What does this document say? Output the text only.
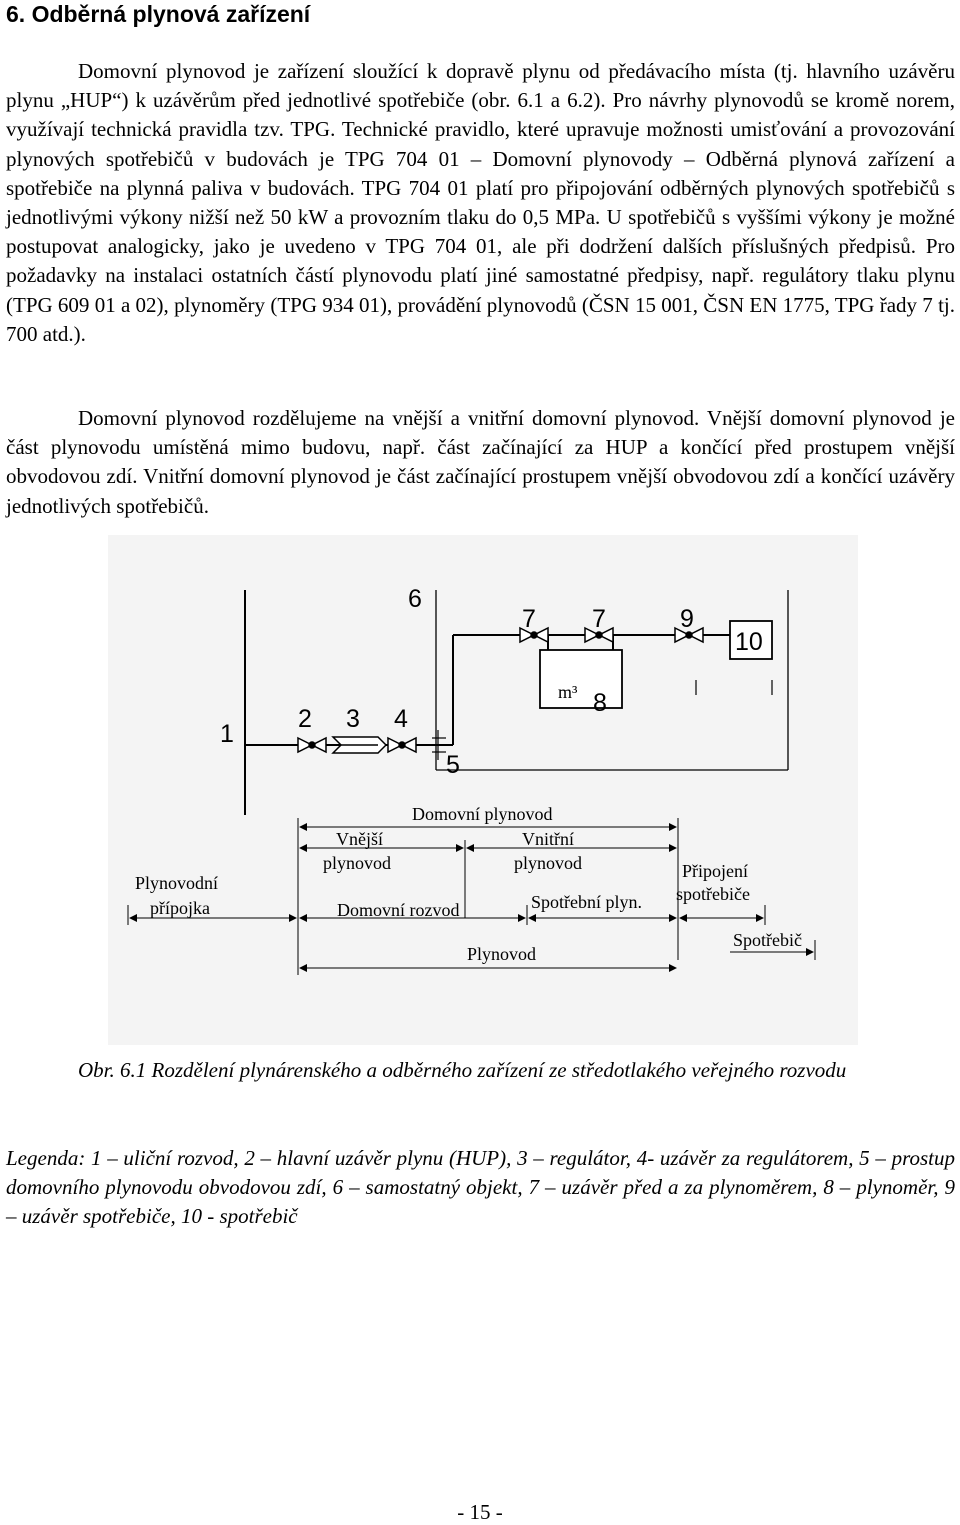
6. Odběrná plynová zařízení

Domovní plynovod je zařízení sloužící k dopravě plynu od předávacího místa (tj. hlavního uzávěru plynu „HUP“) k uzávěrům před jednotlivé spotřebiče (obr. 6.1 a 6.2). Pro návrhy plynovodů se kromě norem, využívají technická pravidla tzv. TPG. Technické pravidlo, které upravuje možnosti umisťování a provozování plynových spotřebičů v budovách je TPG 704 01 – Domovní plynovody – Odběrná plynová zařízení a spotřebiče na plynná paliva v budovách. TPG 704 01 platí pro připojování odběrných plynových spotřebičů s jednotlivými výkony nižší než 50 kW a provozním tlaku do 0,5 MPa. U spotřebičů s vyššími výkony je možné postupovat analogicky, jako je uvedeno v TPG 704 01, ale při dodržení dalších příslušných předpisů. Pro požadavky na instalaci ostatních částí plynovodu platí jiné samostatné předpisy, např. regulátory tlaku plynu (TPG 609 01 a 02), plynoměry (TPG 934 01), provádění plynovodů (ČSN 15 001, ČSN EN 1775, TPG řady 7 tj. 700 atd.).

Domovní plynovod rozdělujeme na vnější a vnitřní domovní plynovod. Vnější domovní plynovod je část plynovodu umístěná mimo budovu, např. část začínající za HUP a končící před prostupem vnější obvodovou zdí. Vnitřní domovní plynovod je část začínající prostupem vnější obvodovou zdí a končící uzávěry jednotlivých spotřebičů.

m³
1
2 3 4
5
6
7 7
8
9
10
Domovní plynovod
Vnější
plynovod
Vnitřní
plynovod
Plynovodní
přípojka	Domovní rozvod	Spotřební plyn.
Připojení
spotřebiče
Spotřebič
Plynovod

Obr. 6.1 Rozdělení plynárenského a odběrného zařízení ze středotlakého veřejného rozvodu

Legenda: 1 – uliční rozvod, 2 – hlavní uzávěr plynu (HUP), 3 – regulátor, 4- uzávěr za regulátorem, 5 – prostup domovního plynovodu obvodovou zdí, 6 – samostatný objekt, 7 – uzávěr před a za plynoměrem, 8 – plynoměr, 9 – uzávěr spotřebiče, 10 - spotřebič

- 15 -
